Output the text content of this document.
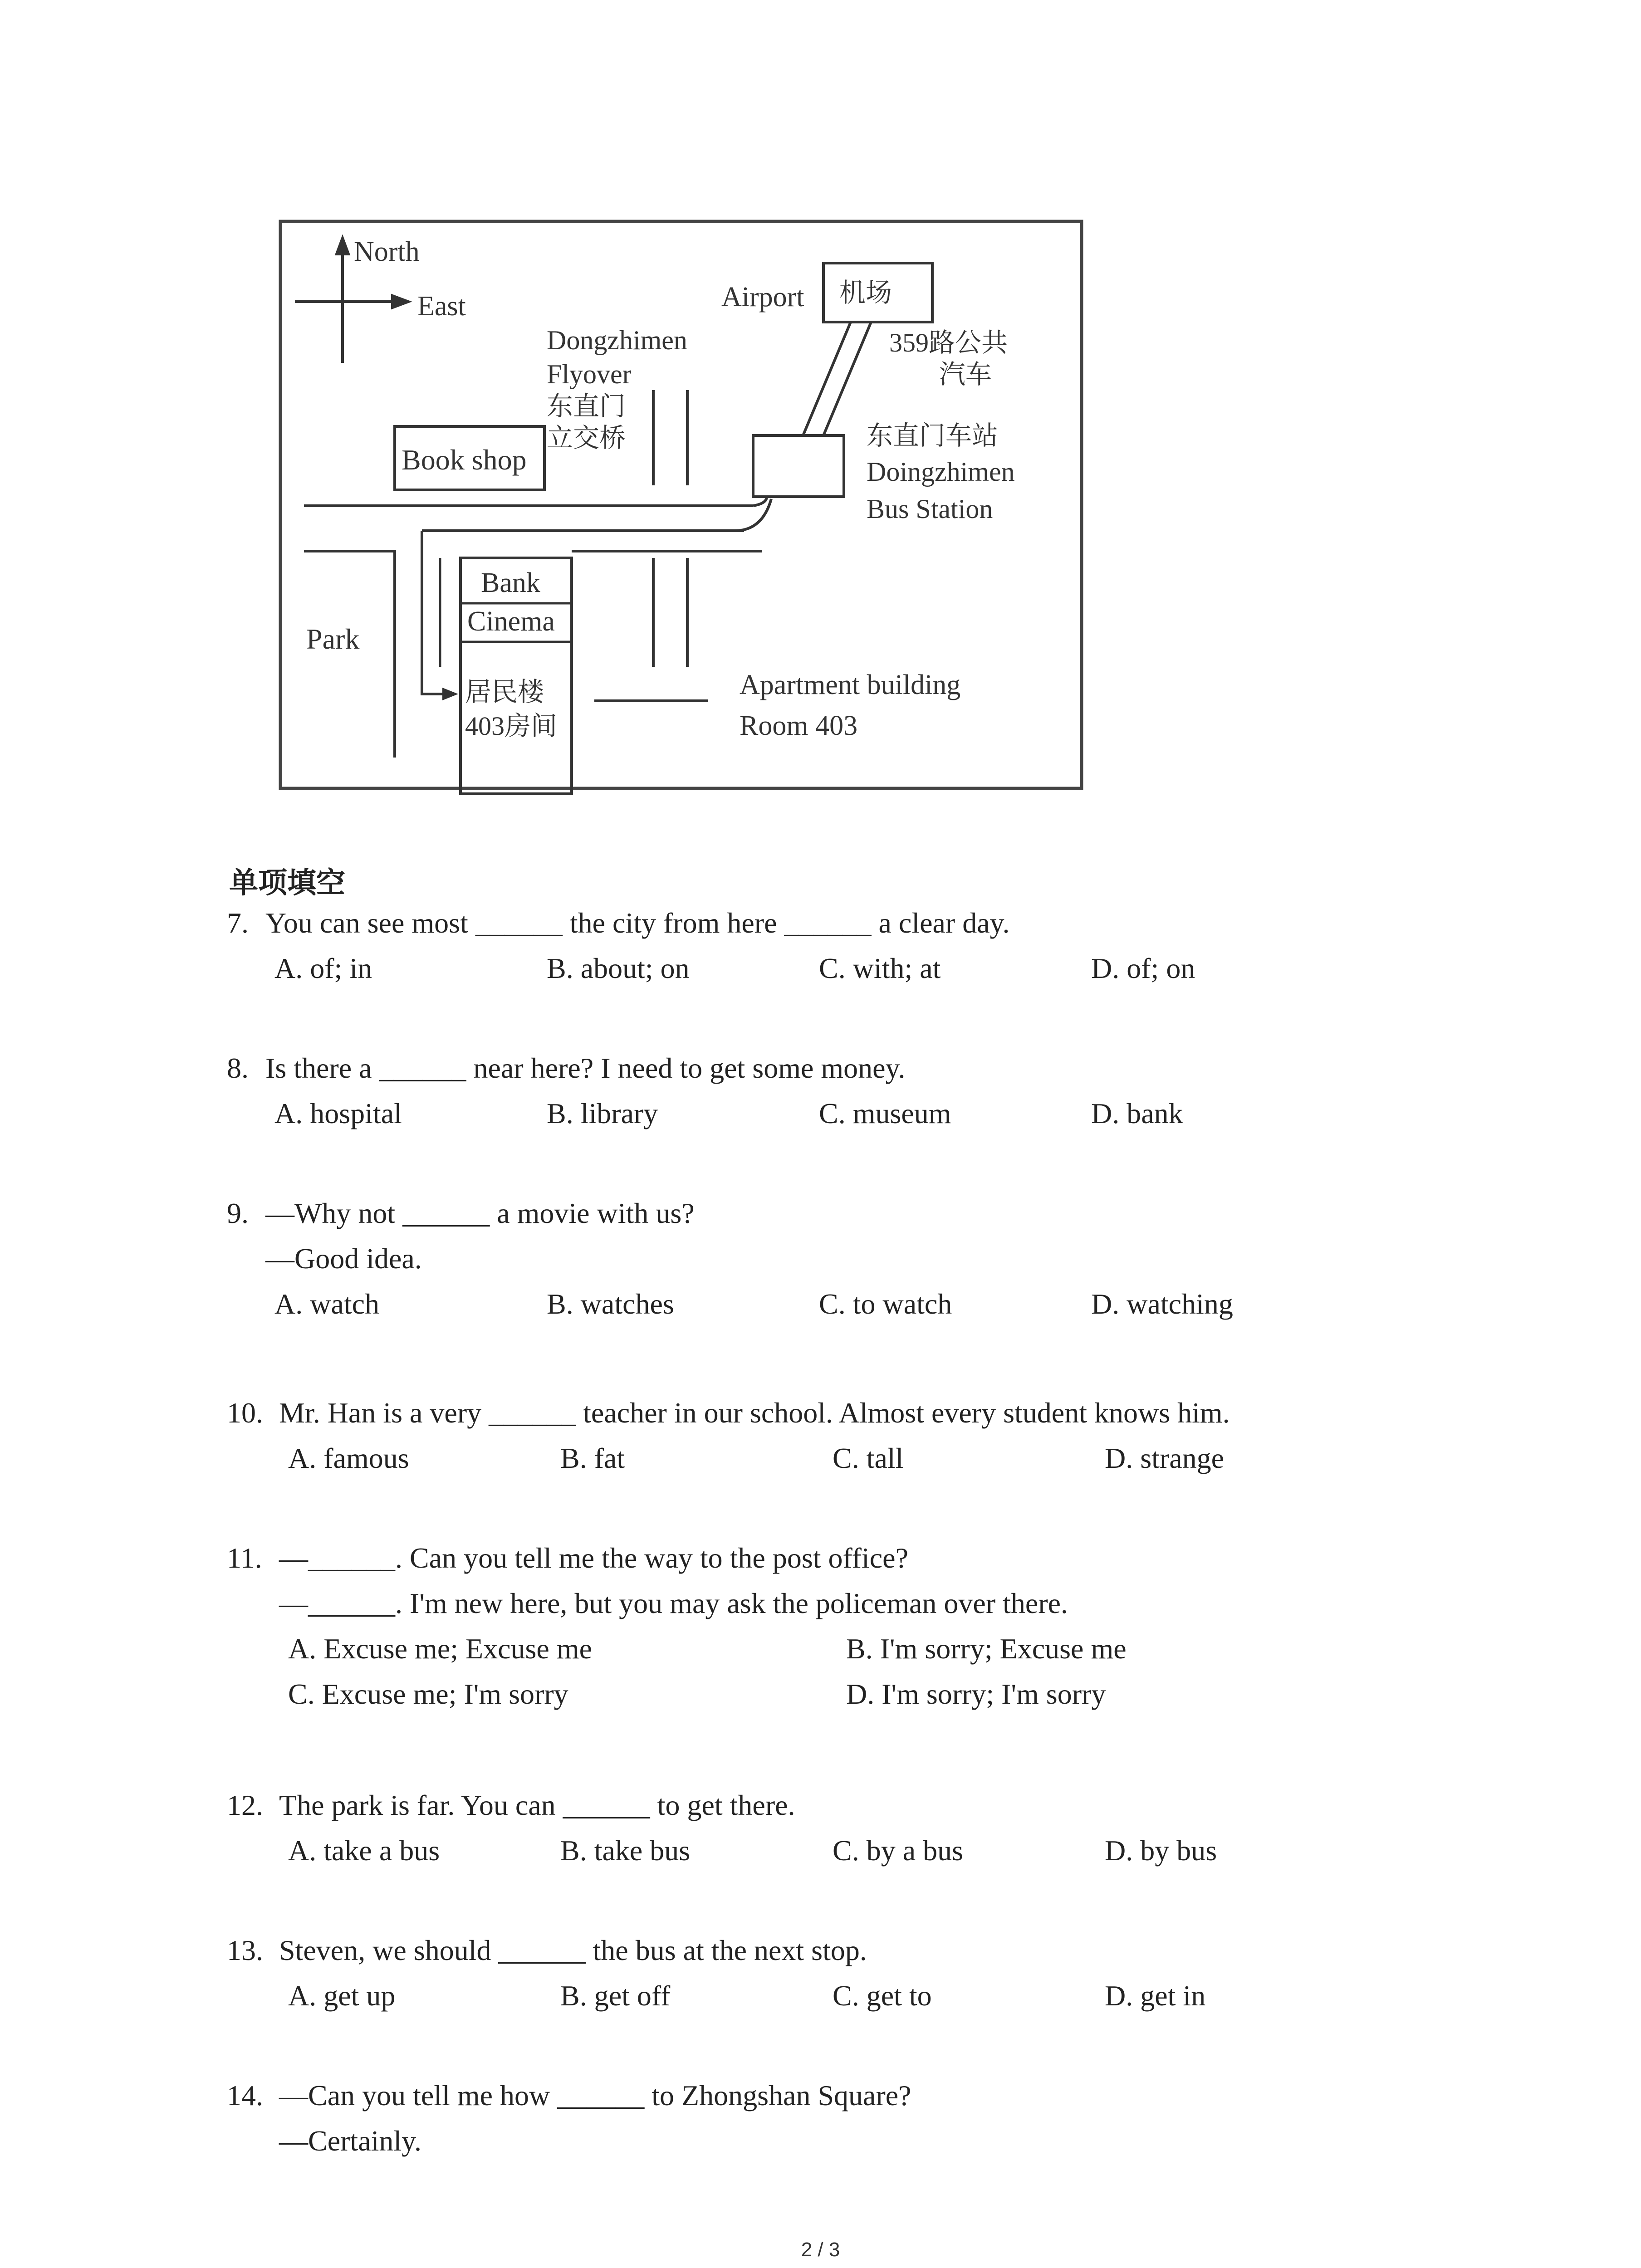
North
East	Airport 机场
359路公共
汽车
东直门车站
Doingzhimen
Bus Station
Dongzhimen
Flyover
东直门
立交桥
Book shop
Park
Bank
Cinema
居民楼
403房间
Apartment building
Room 403
单项填空
7. You can see most ______ the city from here ______ a clear day.
A. of; in	B. about; on	C. with; at	D. of; on
8. Is there a ______ near here? I need to get some money.
A. hospital	B. library	C. museum	D. bank
9. —Why not ______ a movie with us?
—Good idea.
A. watch	B. watches	C. to watch	D. watching
10. Mr. Han is a very ______ teacher in our school. Almost every student knows him.
A. famous	B. fat	C. tall	D. strange
11. —______. Can you tell me the way to the post office?
—______. I'm new here, but you may ask the policeman over there.
A. Excuse me; Excuse me	B. I'm sorry; Excuse me
C. Excuse me; I'm sorry	D. I'm sorry; I'm sorry
12. The park is far. You can ______ to get there.
A. take a bus	B. take bus	C. by a bus	D. by bus
13. Steven, we should ______ the bus at the next stop.
A. get up	B. get off	C. get to	D. get in
14. —Can you tell me how ______ to Zhongshan Square?
—Certainly.
2 / 3
